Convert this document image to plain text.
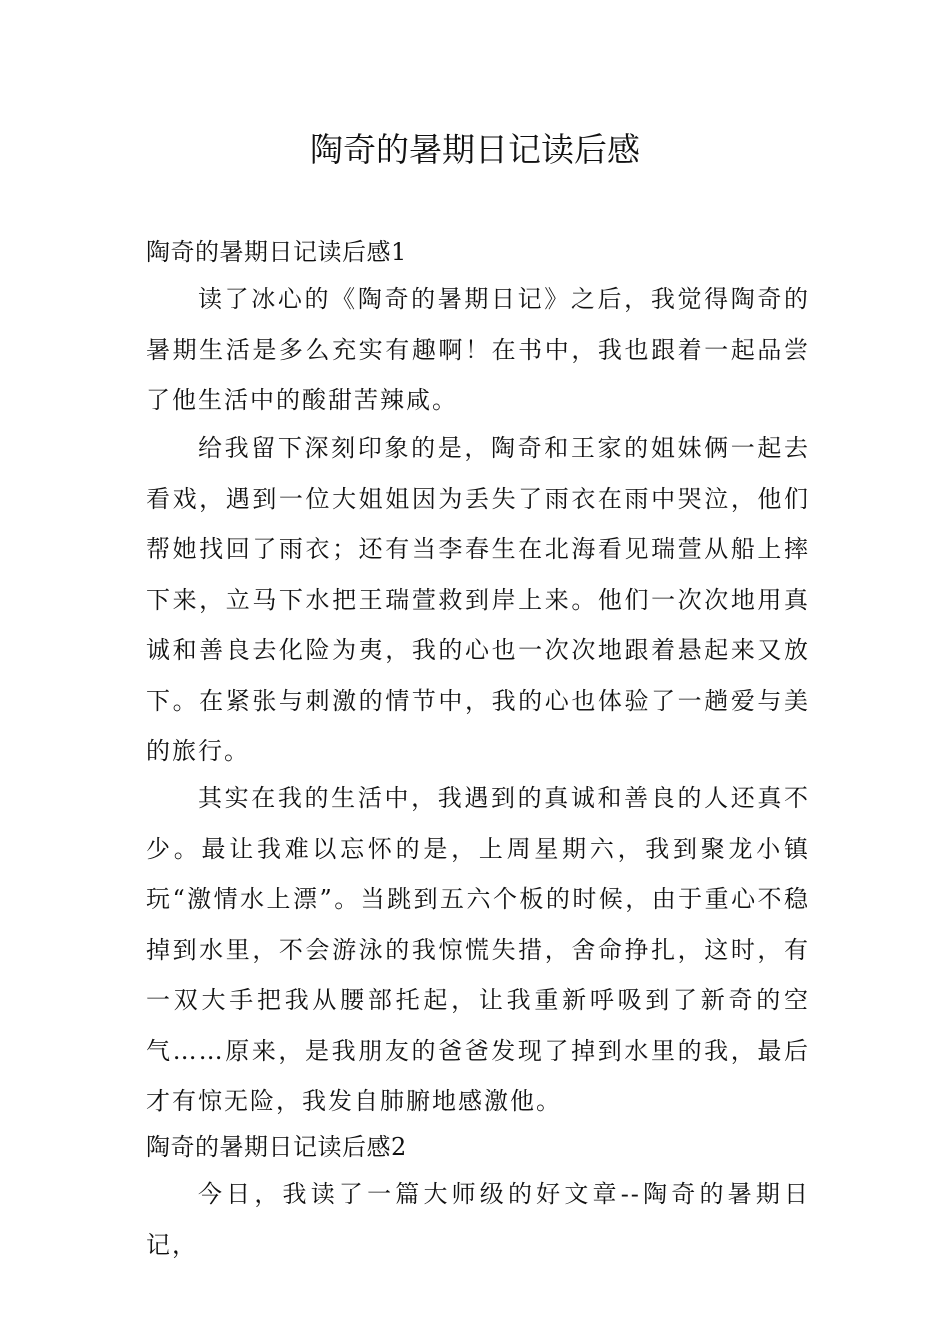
陶奇的暑期日记读后感
陶奇的暑期日记读后感1

读了冰心的《陶奇的暑期日记》之后，我觉得陶奇的暑期生活是多么充实有趣啊！在书中，我也跟着一起品尝了他生活中的酸甜苦辣咸。

给我留下深刻印象的是，陶奇和王家的姐妹俩一起去看戏，遇到一位大姐姐因为丢失了雨衣在雨中哭泣，他们帮她找回了雨衣；还有当李春生在北海看见瑞萱从船上摔下来，立马下水把王瑞萱救到岸上来。他们一次次地用真诚和善良去化险为夷，我的心也一次次地跟着悬起来又放下。在紧张与刺激的情节中，我的心也体验了一趟爱与美的旅行。

其实在我的生活中，我遇到的真诚和善良的人还真不少。最让我难以忘怀的是，上周星期六，我到聚龙小镇玩“激情水上漂”。当跳到五六个板的时候，由于重心不稳掉到水里，不会游泳的我惊慌失措，舍命挣扎，这时，有一双大手把我从腰部托起，让我重新呼吸到了新奇的空气……原来，是我朋友的爸爸发现了掉到水里的我，最后才有惊无险，我发自肺腑地感激他。

陶奇的暑期日记读后感2

今日，我读了一篇大师级的好文章--陶奇的暑期日记，
